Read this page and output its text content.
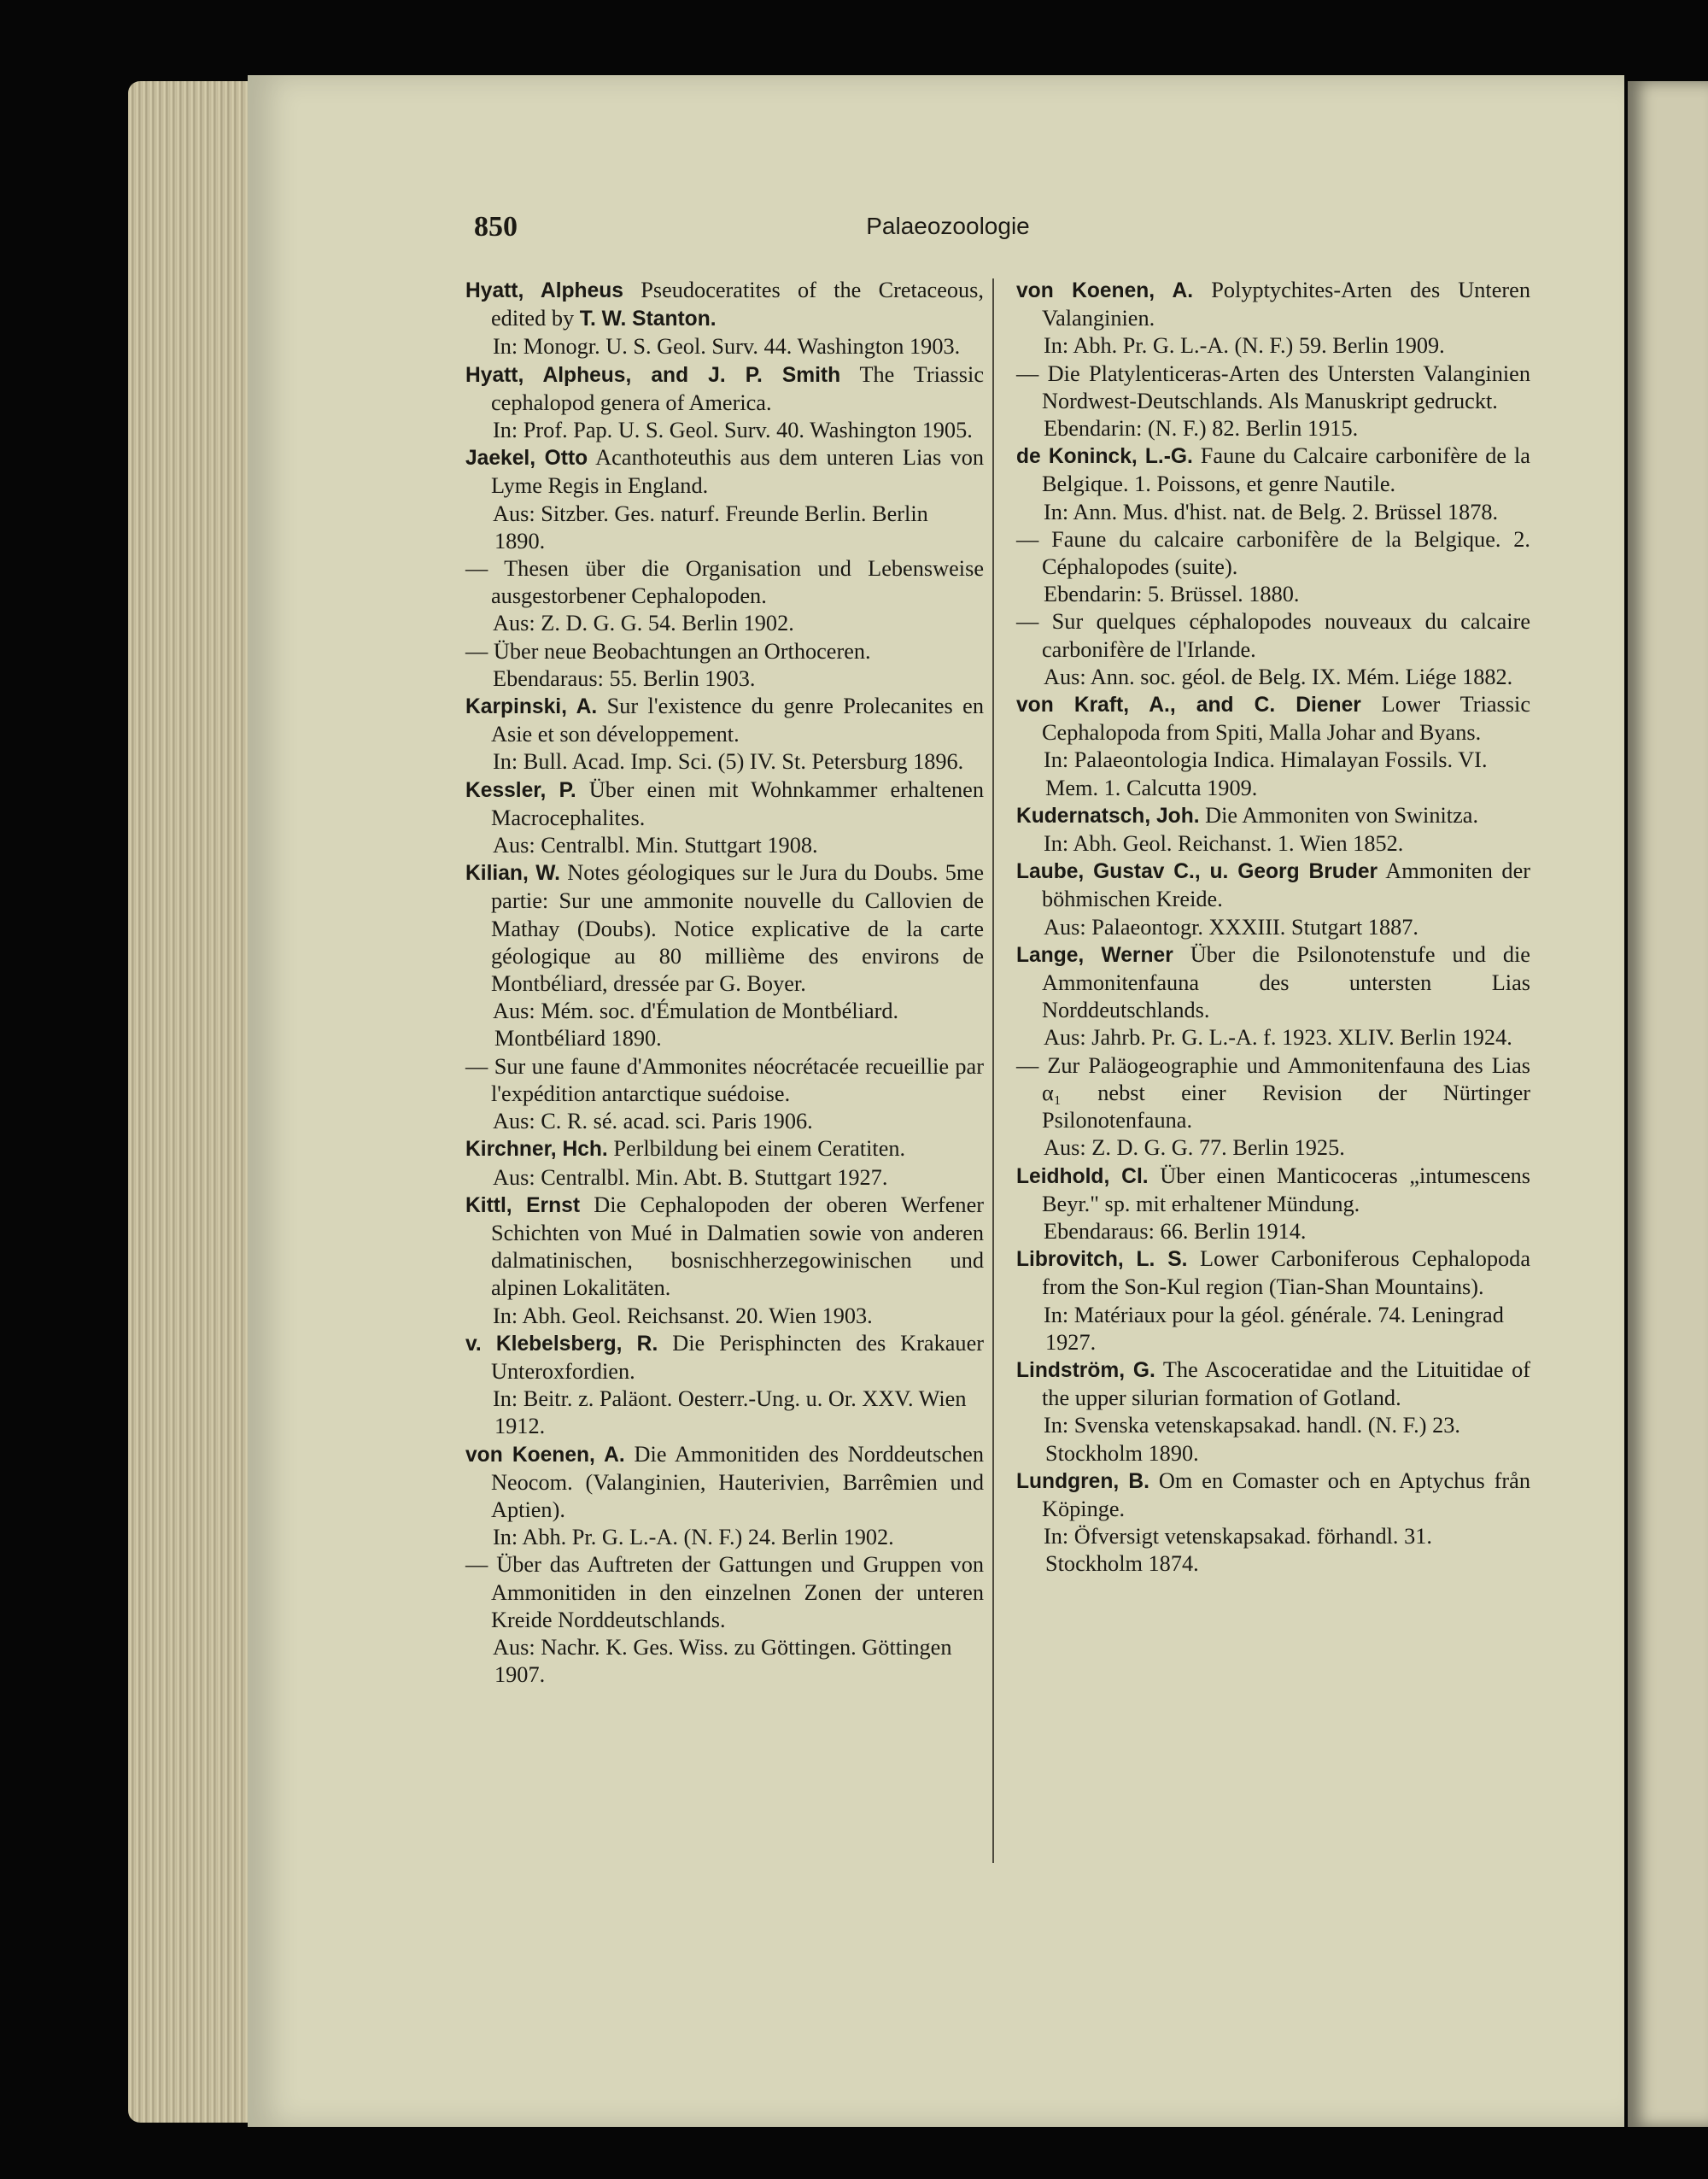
850	Palaeozoologie
Hyatt, Alpheus Pseudoceratites of the Cretaceous, edited by T. W. Stanton.
In: Monogr. U. S. Geol. Surv. 44. Washington 1903.
Hyatt, Alpheus, and J. P. Smith The Triassic cephalopod genera of America.
In: Prof. Pap. U. S. Geol. Surv. 40. Washington 1905.
Jaekel, Otto Acanthoteuthis aus dem unteren Lias von Lyme Regis in England.
Aus: Sitzber. Ges. naturf. Freunde Berlin. Berlin 1890.
— Thesen über die Organisation und Lebensweise ausgestorbener Cephalopoden.
Aus: Z. D. G. G. 54. Berlin 1902.
— Über neue Beobachtungen an Orthoceren.
Ebendaraus: 55. Berlin 1903.
Karpinski, A. Sur l'existence du genre Prolecanites en Asie et son développement.
In: Bull. Acad. Imp. Sci. (5) IV. St. Petersburg 1896.
Kessler, P. Über einen mit Wohnkammer erhaltenen Macrocephalites.
Aus: Centralbl. Min. Stuttgart 1908.
Kilian, W. Notes géologiques sur le Jura du Doubs. 5me partie: Sur une ammonite nouvelle du Callovien de Mathay (Doubs). Notice explicative de la carte géologique au 80 millième des environs de Montbéliard, dressée par G. Boyer.
Aus: Mém. soc. d'Émulation de Montbéliard. Montbéliard 1890.
— Sur une faune d'Ammonites néocrétacée recueillie par l'expédition antarctique suédoise.
Aus: C. R. sé. acad. sci. Paris 1906.
Kirchner, Hch. Perlbildung bei einem Ceratiten.
Aus: Centralbl. Min. Abt. B. Stuttgart 1927.
Kittl, Ernst Die Cephalopoden der oberen Werfener Schichten von Mué in Dalmatien sowie von anderen dalmatinischen, bosnischherzegowinischen und alpinen Lokalitäten.
In: Abh. Geol. Reichsanst. 20. Wien 1903.
v. Klebelsberg, R. Die Perisphincten des Krakauer Unteroxfordien.
In: Beitr. z. Paläont. Oesterr.-Ung. u. Or. XXV. Wien 1912.
von Koenen, A. Die Ammonitiden des Norddeutschen Neocom. (Valanginien, Hauterivien, Barrêmien und Aptien).
In: Abh. Pr. G. L.-A. (N. F.) 24. Berlin 1902.
— Über das Auftreten der Gattungen und Gruppen von Ammonitiden in den einzelnen Zonen der unteren Kreide Norddeutschlands.
Aus: Nachr. K. Ges. Wiss. zu Göttingen. Göttingen 1907.
von Koenen, A. Polyptychites-Arten des Unteren Valanginien.
In: Abh. Pr. G. L.-A. (N. F.) 59. Berlin 1909.
— Die Platylenticeras-Arten des Untersten Valanginien Nordwest-Deutschlands. Als Manuskript gedruckt.
Ebendarin: (N. F.) 82. Berlin 1915.
de Koninck, L.-G. Faune du Calcaire carbonifère de la Belgique. 1. Poissons, et genre Nautile.
In: Ann. Mus. d'hist. nat. de Belg. 2. Brüssel 1878.
— Faune du calcaire carbonifère de la Belgique. 2. Céphalopodes (suite).
Ebendarin: 5. Brüssel. 1880.
— Sur quelques céphalopodes nouveaux du calcaire carbonifère de l'Irlande.
Aus: Ann. soc. géol. de Belg. IX. Mém. Liége 1882.
von Kraft, A., and C. Diener Lower Triassic Cephalopoda from Spiti, Malla Johar and Byans.
In: Palaeontologia Indica. Himalayan Fossils. VI. Mem. 1. Calcutta 1909.
Kudernatsch, Joh. Die Ammoniten von Swinitza.
In: Abh. Geol. Reichanst. 1. Wien 1852.
Laube, Gustav C., u. Georg Bruder Ammoniten der böhmischen Kreide.
Aus: Palaeontogr. XXXIII. Stutgart 1887.
Lange, Werner Über die Psilonotenstufe und die Ammonitenfauna des untersten Lias Norddeutschlands.
Aus: Jahrb. Pr. G. L.-A. f. 1923. XLIV. Berlin 1924.
— Zur Paläogeographie und Ammonitenfauna des Lias α₁ nebst einer Revision der Nürtinger Psilonotenfauna.
Aus: Z. D. G. G. 77. Berlin 1925.
Leidhold, Cl. Über einen Manticoceras „intumescens Beyr." sp. mit erhaltener Mündung.
Ebendaraus: 66. Berlin 1914.
Librovitch, L. S. Lower Carboniferous Cephalopoda from the Son-Kul region (Tian-Shan Mountains).
In: Matériaux pour la géol. générale. 74. Leningrad 1927.
Lindström, G. The Ascoceratidae and the Lituitidae of the upper silurian formation of Gotland.
In: Svenska vetenskapsakad. handl. (N. F.) 23. Stockholm 1890.
Lundgren, B. Om en Comaster och en Aptychus från Köpinge.
In: Öfversigt vetenskapsakad. förhandl. 31. Stockholm 1874.
